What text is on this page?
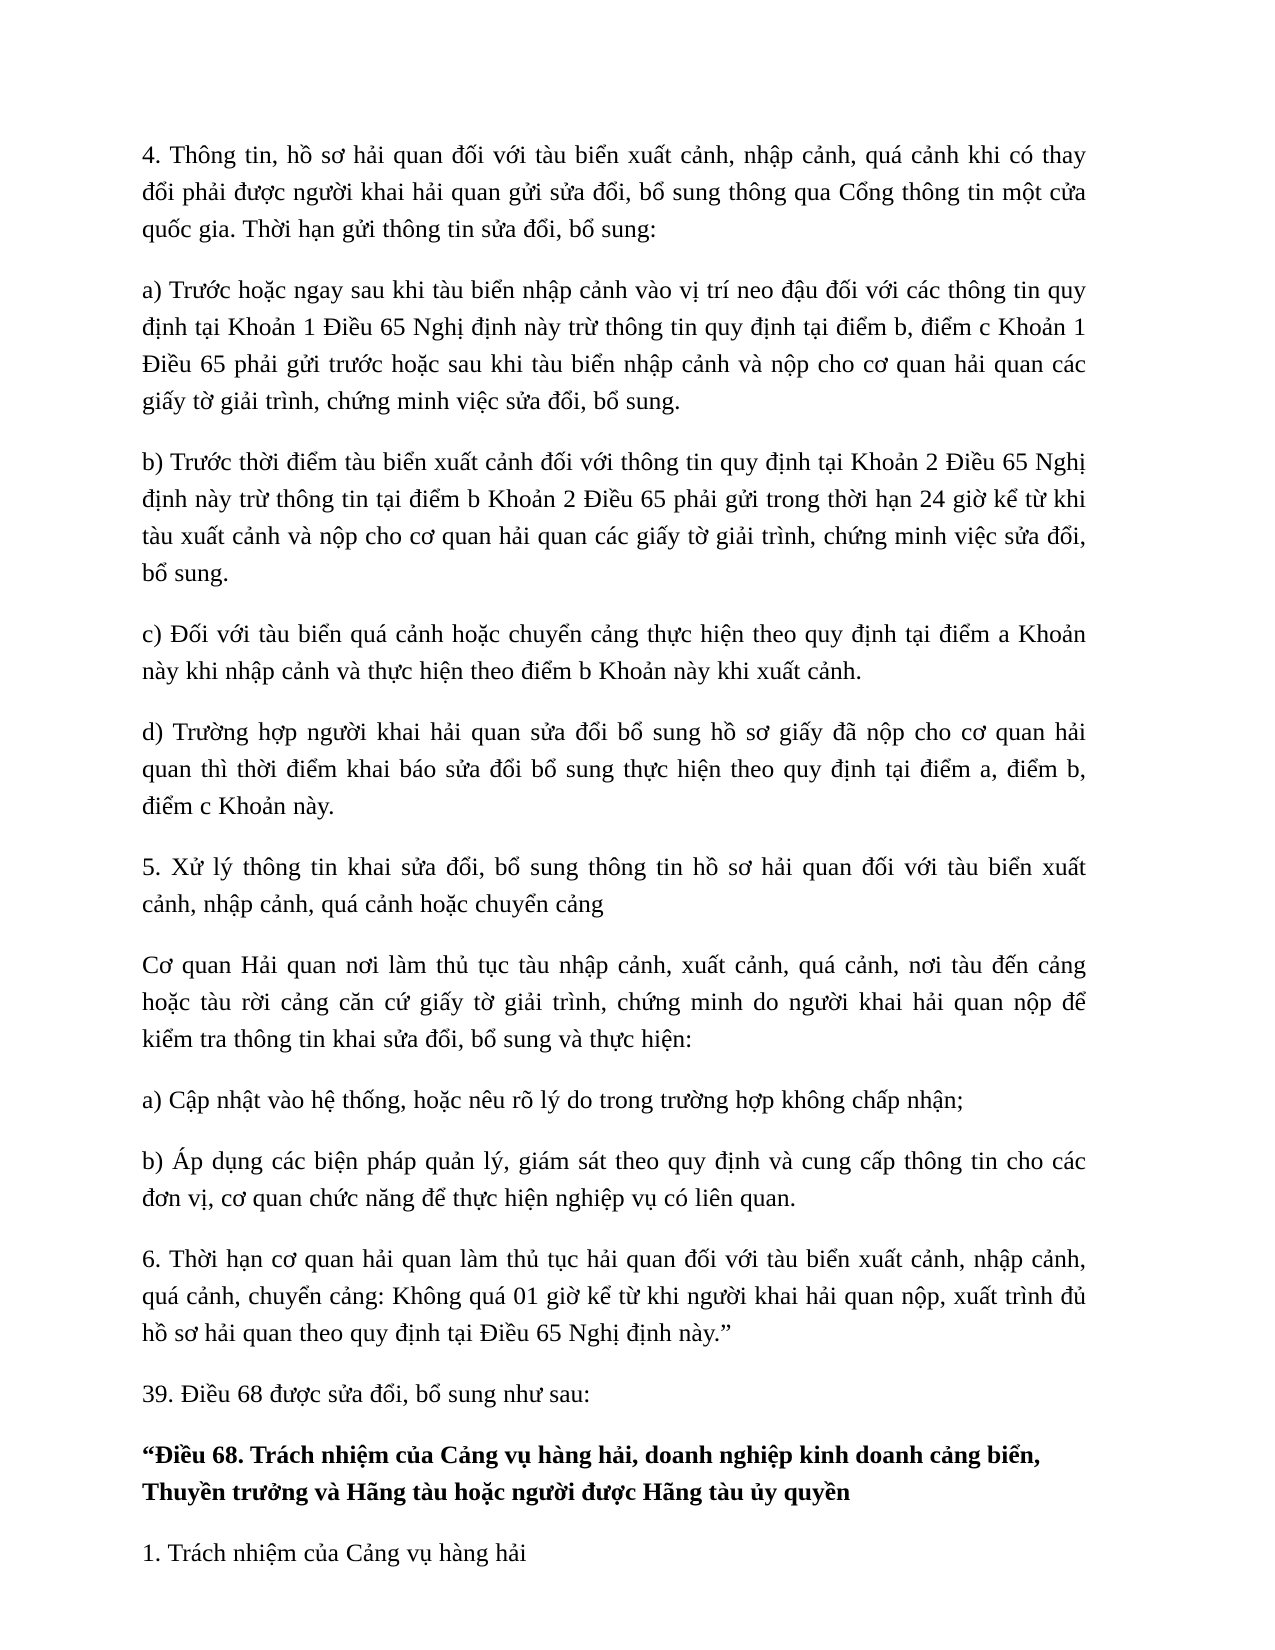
4. Thông tin, hồ sơ hải quan đối với tàu biển xuất cảnh, nhập cảnh, quá cảnh khi có thay đổi phải được người khai hải quan gửi sửa đổi, bổ sung thông qua Cổng thông tin một cửa quốc gia. Thời hạn gửi thông tin sửa đổi, bổ sung:

a) Trước hoặc ngay sau khi tàu biển nhập cảnh vào vị trí neo đậu đối với các thông tin quy định tại Khoản 1 Điều 65 Nghị định này trừ thông tin quy định tại điểm b, điểm c Khoản 1 Điều 65 phải gửi trước hoặc sau khi tàu biển nhập cảnh và nộp cho cơ quan hải quan các giấy tờ giải trình, chứng minh việc sửa đổi, bổ sung.

b) Trước thời điểm tàu biển xuất cảnh đối với thông tin quy định tại Khoản 2 Điều 65 Nghị định này trừ thông tin tại điểm b Khoản 2 Điều 65 phải gửi trong thời hạn 24 giờ kể từ khi tàu xuất cảnh và nộp cho cơ quan hải quan các giấy tờ giải trình, chứng minh việc sửa đổi, bổ sung.

c) Đối với tàu biển quá cảnh hoặc chuyển cảng thực hiện theo quy định tại điểm a Khoản này khi nhập cảnh và thực hiện theo điểm b Khoản này khi xuất cảnh.

d) Trường hợp người khai hải quan sửa đổi bổ sung hồ sơ giấy đã nộp cho cơ quan hải quan thì thời điểm khai báo sửa đổi bổ sung thực hiện theo quy định tại điểm a, điểm b, điểm c Khoản này.

5. Xử lý thông tin khai sửa đổi, bổ sung thông tin hồ sơ hải quan đối với tàu biển xuất cảnh, nhập cảnh, quá cảnh hoặc chuyển cảng

Cơ quan Hải quan nơi làm thủ tục tàu nhập cảnh, xuất cảnh, quá cảnh, nơi tàu đến cảng hoặc tàu rời cảng căn cứ giấy tờ giải trình, chứng minh do người khai hải quan nộp để kiểm tra thông tin khai sửa đổi, bổ sung và thực hiện:

a) Cập nhật vào hệ thống, hoặc nêu rõ lý do trong trường hợp không chấp nhận;

b) Áp dụng các biện pháp quản lý, giám sát theo quy định và cung cấp thông tin cho các đơn vị, cơ quan chức năng để thực hiện nghiệp vụ có liên quan.

6. Thời hạn cơ quan hải quan làm thủ tục hải quan đối với tàu biển xuất cảnh, nhập cảnh, quá cảnh, chuyển cảng: Không quá 01 giờ kể từ khi người khai hải quan nộp, xuất trình đủ hồ sơ hải quan theo quy định tại Điều 65 Nghị định này.”

39. Điều 68 được sửa đổi, bổ sung như sau:

“Điều 68. Trách nhiệm của Cảng vụ hàng hải, doanh nghiệp kinh doanh cảng biển, Thuyền trưởng và Hãng tàu hoặc người được Hãng tàu ủy quyền

1. Trách nhiệm của Cảng vụ hàng hải
